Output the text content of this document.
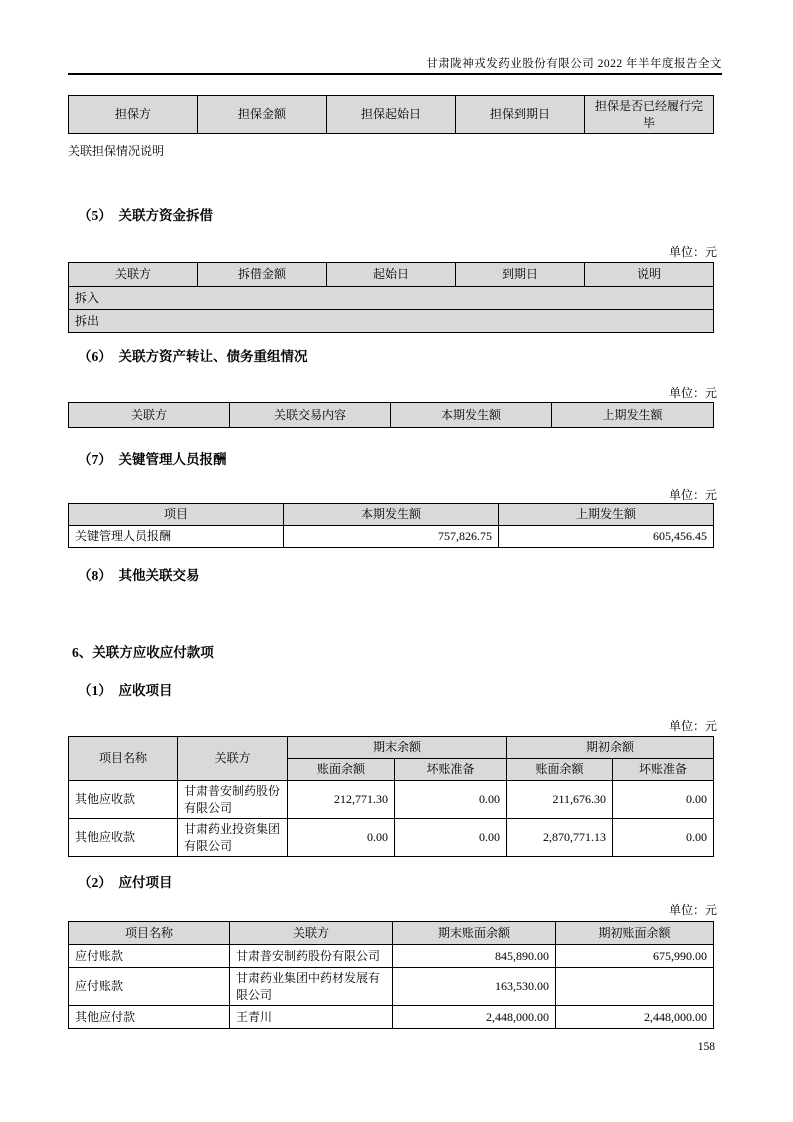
甘肃陇神戎发药业股份有限公司 2022 年半年度报告全文
担保方	担保金额	担保起始日	担保到期日	担保是否已经履行完毕
关联担保情况说明
（5）　关联方资金拆借
单位：元
关联方	拆借金额	起始日	到期日	说明
拆入
拆出
（6）　关联方资产转让、债务重组情况
单位：元
关联方	关联交易内容	本期发生额	上期发生额
（7）　关键管理人员报酬
单位：元
项目	本期发生额	上期发生额
关键管理人员报酬	757,826.75	605,456.45
（8）　其他关联交易
6、关联方应收应付款项
（1）　应收项目
单位：元
项目名称	关联方	期末余额		期初余额	
		账面余额	坏账准备	账面余额	坏账准备
其他应收款	甘肃普安制药股份有限公司	212,771.30	0.00	211,676.30	0.00
其他应收款	甘肃药业投资集团有限公司	0.00	0.00	2,870,771.13	0.00
（2）　应付项目
单位：元
项目名称	关联方	期末账面余额	期初账面余额
应付账款	甘肃普安制药股份有限公司	845,890.00	675,990.00
应付账款	甘肃药业集团中药材发展有限公司	163,530.00	
其他应付款	王青川	2,448,000.00	2,448,000.00
158
